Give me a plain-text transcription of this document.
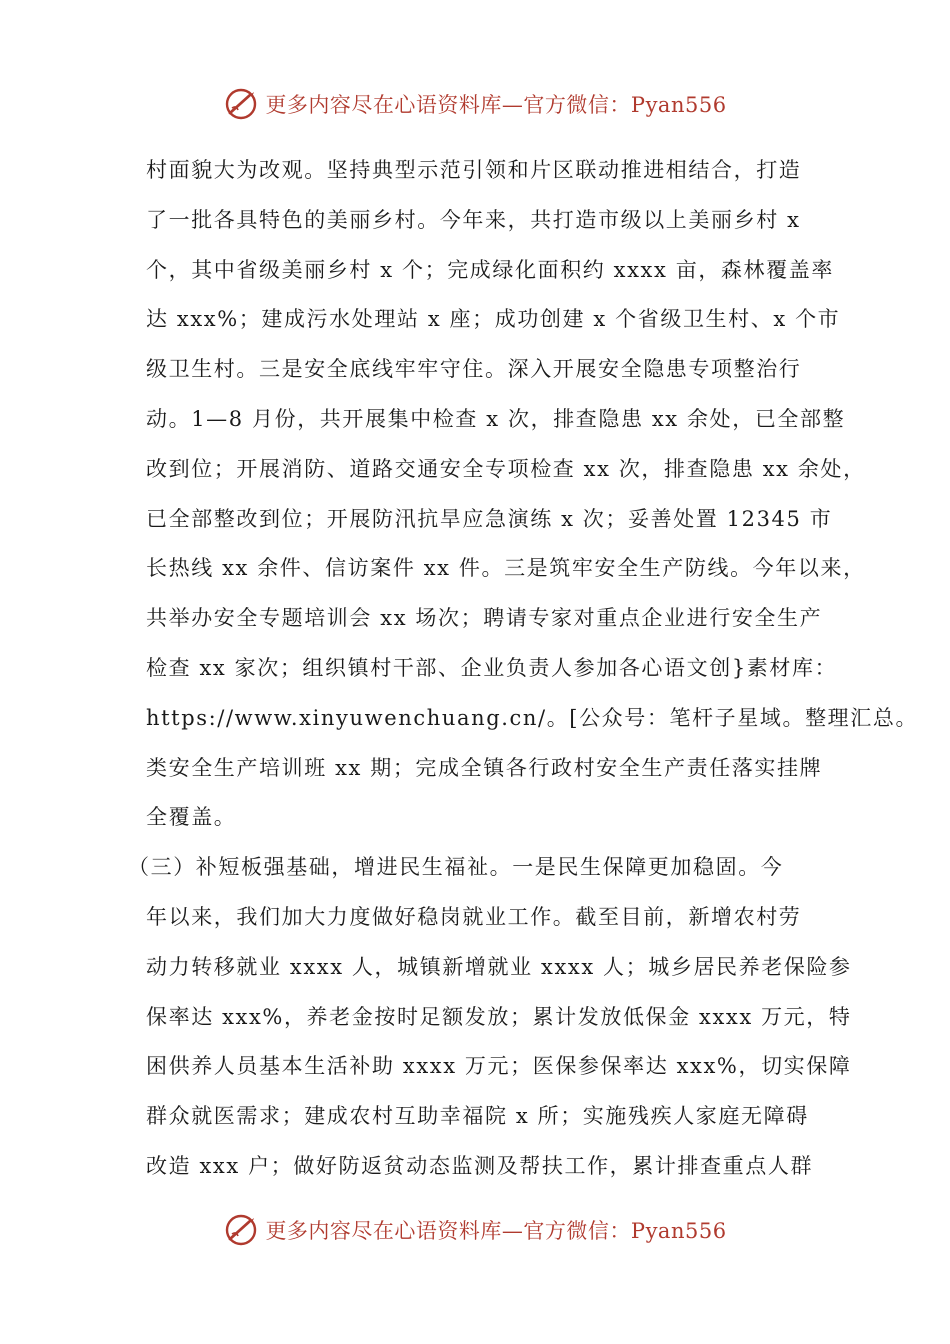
更多内容尽在心语资料库—官方微信：Pyan556
村面貌大为改观。坚持典型示范引领和片区联动推进相结合，打造
了一批各具特色的美丽乡村。今年来，共打造市级以上美丽乡村 x
个，其中省级美丽乡村 x 个；完成绿化面积约 xxxx 亩，森林覆盖率
达 xxx%；建成污水处理站 x 座；成功创建 x 个省级卫生村、x 个市
级卫生村。三是安全底线牢牢守住。深入开展安全隐患专项整治行
动。1—8 月份，共开展集中检查 x 次，排查隐患 xx 余处，已全部整
改到位；开展消防、道路交通安全专项检查 xx 次，排查隐患 xx 余处，
已全部整改到位；开展防汛抗旱应急演练 x 次；妥善处置 12345 市
长热线 xx 余件、信访案件 xx 件。三是筑牢安全生产防线。今年以来，
共举办安全专题培训会 xx 场次；聘请专家对重点企业进行安全生产
检查 xx 家次；组织镇村干部、企业负责人参加各心语文创}素材库：
https://www.xinyuwenchuang.cn/。[公众号：笔杆子星域。整理汇总。
类安全生产培训班 xx 期；完成全镇各行政村安全生产责任落实挂牌
全覆盖。
（三）补短板强基础，增进民生福祉。一是民生保障更加稳固。今
年以来，我们加大力度做好稳岗就业工作。截至目前，新增农村劳
动力转移就业 xxxx 人，城镇新增就业 xxxx 人；城乡居民养老保险参
保率达 xxx%，养老金按时足额发放；累计发放低保金 xxxx 万元，特
困供养人员基本生活补助 xxxx 万元；医保参保率达 xxx%，切实保障
群众就医需求；建成农村互助幸福院 x 所；实施残疾人家庭无障碍
改造 xxx 户；做好防返贫动态监测及帮扶工作，累计排查重点人群
更多内容尽在心语资料库—官方微信：Pyan556
